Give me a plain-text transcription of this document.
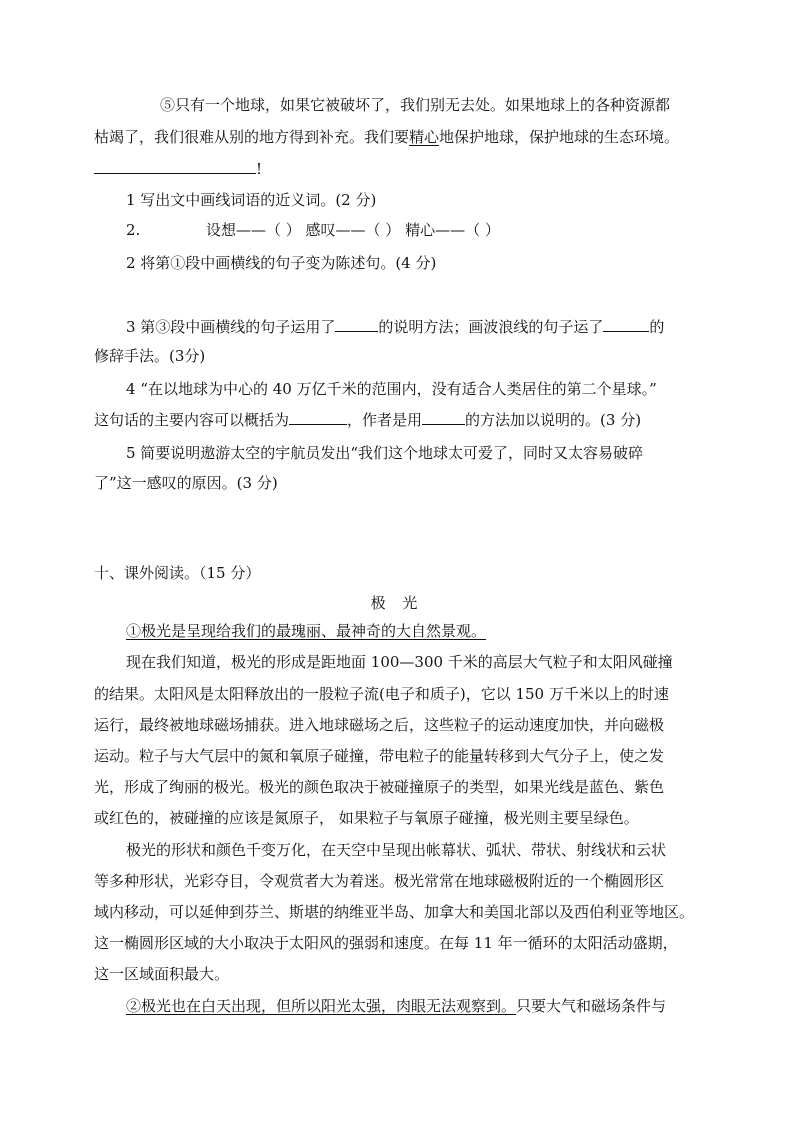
⑤只有一个地球，如果它被破坏了，我们别无去处。如果地球上的各种资源都
枯竭了，我们很难从别的地方得到补充。我们要精心地保护地球，保护地球的生态环境。
!
1 写出文中画线词语的近义词。(2 分)
2.	设想——（ ） 感叹——（ ） 精心——（ ）
2 将第①段中画横线的句子变为陈述句。(4 分)
3 第③段中画横线的句子运用了	的说明方法；画波浪线的句子运了	的
修辞手法。(3分)
4 “在以地球为中心的 40 万亿千米的范围内，没有适合人类居住的第二个星球。”
这句话的主要内容可以概括为	，作者是用	的方法加以说明的。(3 分)
5 简要说明遨游太空的宇航员发出“我们这个地球太可爱了，同时又太容易破碎
了”这一感叹的原因。(3 分)
十、课外阅读。（15 分）
极 光
①极光是呈现给我们的最瑰丽、最神奇的大自然景观。
现在我们知道，极光的形成是距地面 100—300 千米的高层大气粒子和太阳风碰撞
的结果。太阳风是太阳释放出的一股粒子流(电子和质子)，它以 150 万千米以上的时速
运行，最终被地球磁场捕获。进入地球磁场之后，这些粒子的运动速度加快，并向磁极
运动。粒子与大气层中的氮和氧原子碰撞，带电粒子的能量转移到大气分子上，使之发
光，形成了绚丽的极光。极光的颜色取决于被碰撞原子的类型，如果光线是蓝色、紫色
或红色的，被碰撞的应该是氮原子， 如果粒子与氧原子碰撞，极光则主要呈绿色。
极光的形状和颜色千变万化，在天空中呈现出帐幕状、弧状、带状、射线状和云状
等多种形状，光彩夺目，令观赏者大为着迷。极光常常在地球磁极附近的一个椭圆形区
域内移动，可以延伸到芬兰、斯堪的纳维亚半岛、加拿大和美国北部以及西伯利亚等地区。
这一椭圆形区域的大小取决于太阳风的强弱和速度。在每 11 年一循环的太阳活动盛期，
这一区域面积最大。
②极光也在白天出现，但所以阳光太强，肉眼无法观察到。只要大气和磁场条件与
